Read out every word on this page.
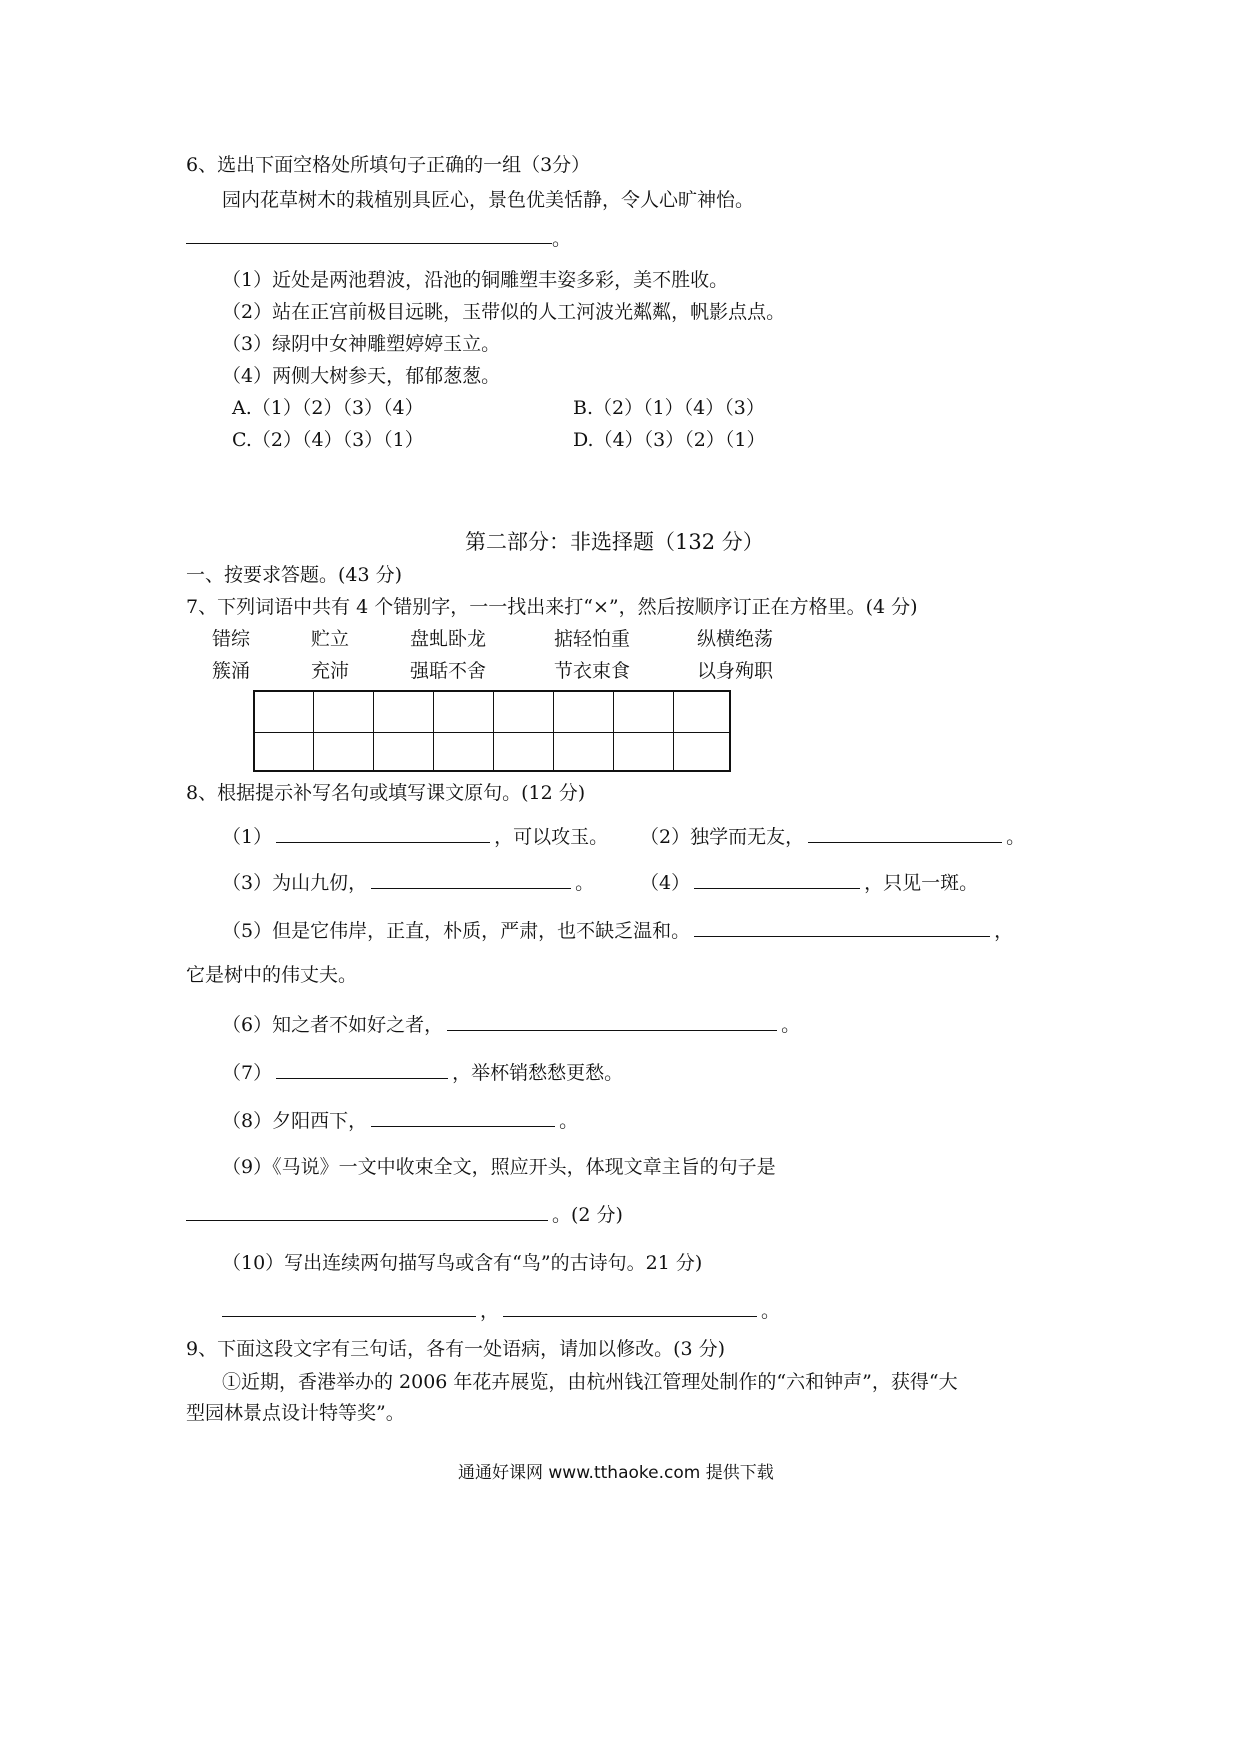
6、选出下面空格处所填句子正确的一组（3分）
园内花草树木的栽植别具匠心，景色优美恬静，令人心旷神怡。
。
（1）近处是两池碧波，沿池的铜雕塑丰姿多彩，美不胜收。
（2）站在正宫前极目远眺，玉带似的人工河波光粼粼，帆影点点。
（3）绿阴中女神雕塑婷婷玉立。
（4）两侧大树参天，郁郁葱葱。
A.（1）（2）（3）（4）	B.（2）（1）（4）（3）
C.（2）（4）（3）（1）	D.（4）（3）（2）（1）
第二部分：非选择题（132 分）
一、按要求答题。(43 分)
7、下列词语中共有 4 个错别字，一一找出来打“×”，然后按顺序订正在方格里。(4 分)
错综	贮立	盘虬卧龙	掂轻怕重	纵横绝荡
簇涌	充沛	强聒不舍	节衣束食	以身殉职
8、根据提示补写名句或填写课文原句。(12 分)
（1）	，可以攻玉。 （2）独学而无友，	。
（3）为山九仞，	。 （4）	，只见一斑。
（5）但是它伟岸，正直，朴质，严肃，也不缺乏温和。	，
它是树中的伟丈夫。
（6）知之者不如好之者，	。
（7）	，举杯销愁愁更愁。
（8）夕阳西下，	。
（9）《马说》一文中收束全文，照应开头，体现文章主旨的句子是
。(2 分)
（10）写出连续两句描写鸟或含有“鸟”的古诗句。21 分)
，	。
9、下面这段文字有三句话，各有一处语病，请加以修改。(3 分)
①近期，香港举办的 2006 年花卉展览，由杭州钱江管理处制作的“六和钟声”，获得“大
型园林景点设计特等奖”。
通通好课网 www.tthaoke.com 提供下载
